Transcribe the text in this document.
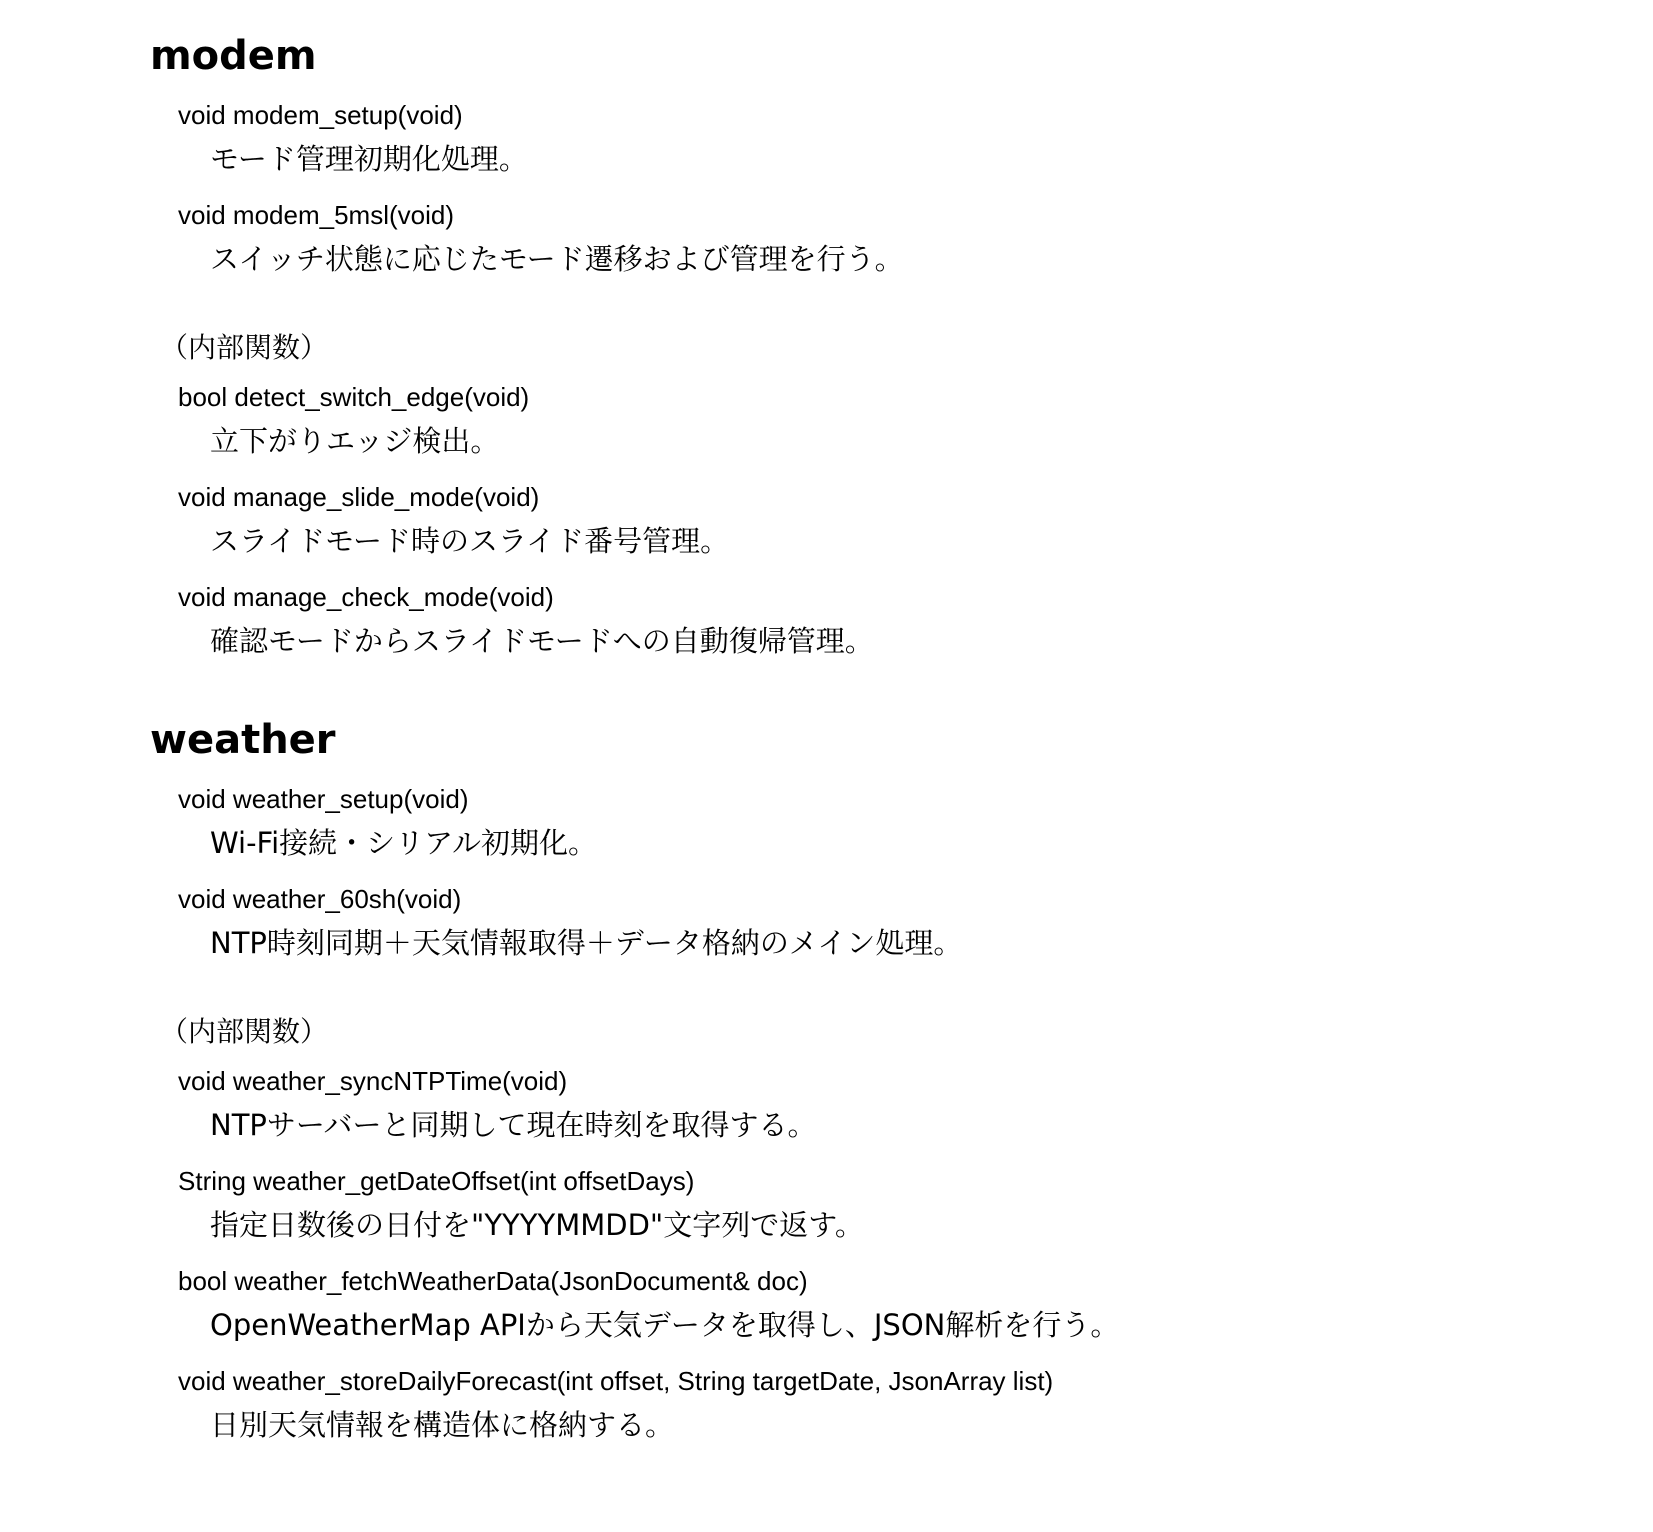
modem

void modem_setup(void)

モード管理初期化処理。

void modem_5msl(void)

スイッチ状態に応じたモード遷移および管理を行う。

（内部関数）

bool detect_switch_edge(void)

立下がりエッジ検出。

void manage_slide_mode(void)

スライドモード時のスライド番号管理。

void manage_check_mode(void)

確認モードからスライドモードへの自動復帰管理。

weather

void weather_setup(void)

Wi-Fi接続・シリアル初期化。

void weather_60sh(void)

NTP時刻同期＋天気情報取得＋データ格納のメイン処理。

（内部関数）

void weather_syncNTPTime(void)

NTPサーバーと同期して現在時刻を取得する。

String weather_getDateOffset(int offsetDays)

指定日数後の日付を"YYYYMMDD"文字列で返す。

bool weather_fetchWeatherData(JsonDocument& doc)

OpenWeatherMap APIから天気データを取得し、JSON解析を行う。

void weather_storeDailyForecast(int offset, String targetDate, JsonArray list)

日別天気情報を構造体に格納する。
